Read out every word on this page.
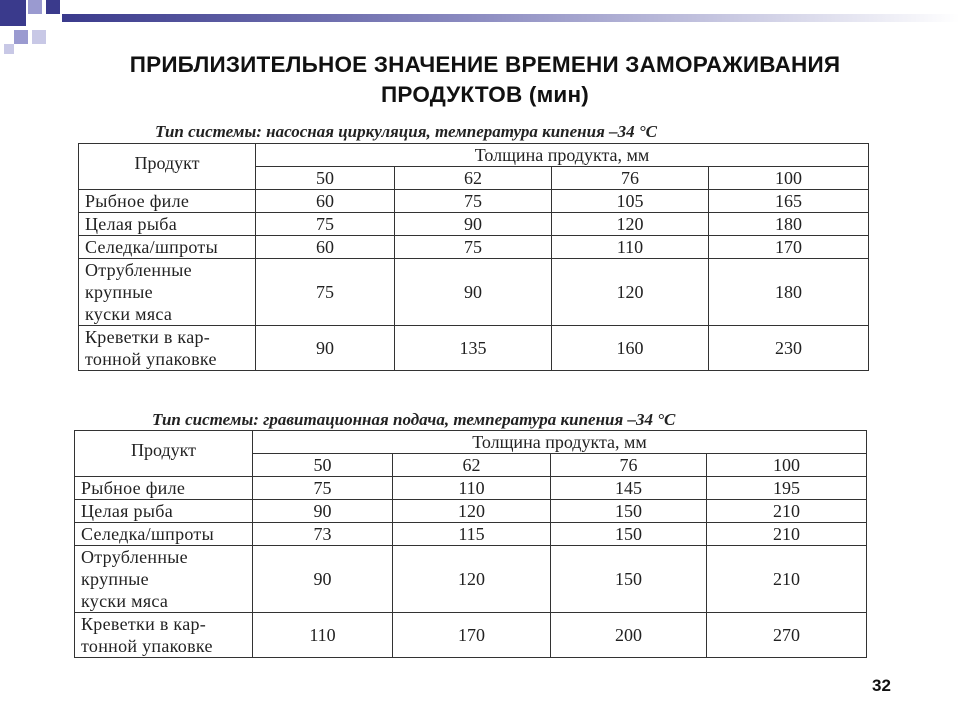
ПРИБЛИЗИТЕЛЬНОЕ ЗНАЧЕНИЕ ВРЕМЕНИ ЗАМОРАЖИВАНИЯ
ПРОДУКТОВ (мин)
Тип системы: насосная циркуляция, температура кипения –34 °С
Продукт	Толщина продукта, мм			
	50	62	76	100

Рыбное филе	60	75	105	165

Целая рыба	75	90	120	180

Селедка/шпроты	60	75	110	170

Отрубленные
крупные
куски мяса	75	90	120	180

Креветки в кар-
тонной упаковке	90	135	160	230
Тип системы: гравитационная подача, температура кипения –34 °С
Продукт	Толщина продукта, мм			
	50	62	76	100

Рыбное филе	75	110	145	195

Целая рыба	90	120	150	210

Селедка/шпроты	73	115	150	210

Отрубленные
крупные
куски мяса	90	120	150	210

Креветки в кар-
тонной упаковке	110	170	200	270
32
